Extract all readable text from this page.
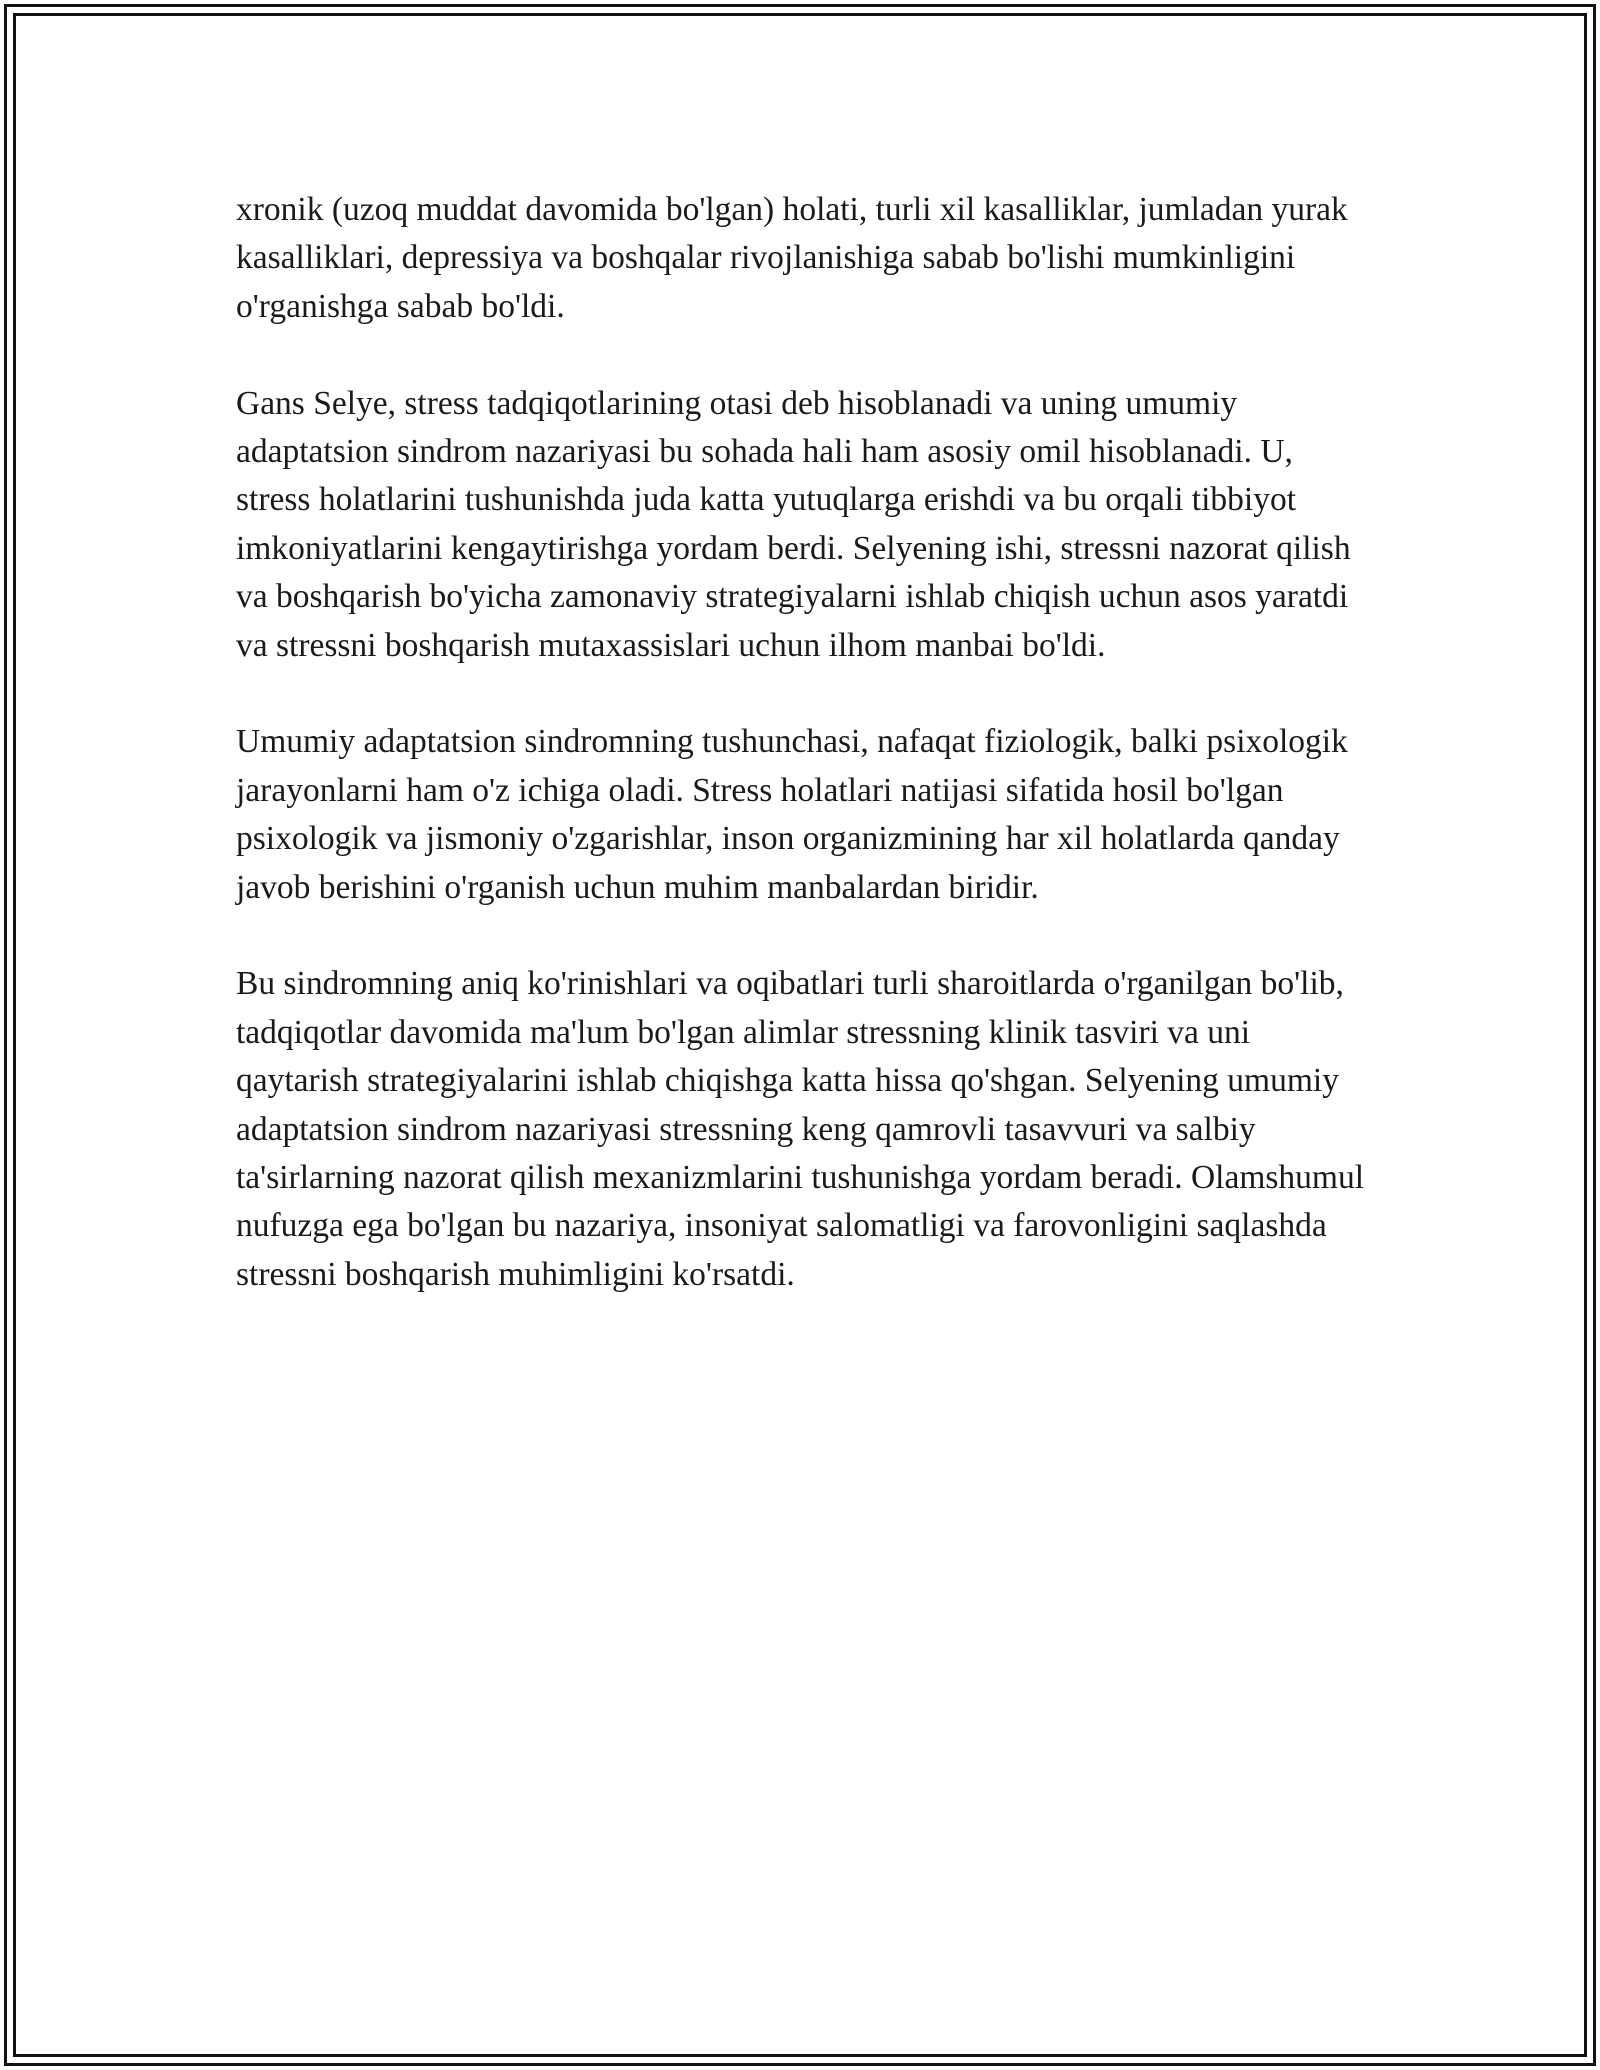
xronik (uzoq muddat davomida bo'lgan) holati, turli xil kasalliklar, jumladan yurak kasalliklari, depressiya va boshqalar rivojlanishiga sabab bo'lishi mumkinligini o'rganishga sabab bo'ldi.

Gans Selye, stress tadqiqotlarining otasi deb hisoblanadi va uning umumiy adaptatsion sindrom nazariyasi bu sohada hali ham asosiy omil hisoblanadi. U, stress holatlarini tushunishda juda katta yutuqlarga erishdi va bu orqali tibbiyot imkoniyatlarini kengaytirishga yordam berdi. Selyening ishi, stressni nazorat qilish va boshqarish bo'yicha zamonaviy strategiyalarni ishlab chiqish uchun asos yaratdi va stressni boshqarish mutaxassislari uchun ilhom manbai bo'ldi.

Umumiy adaptatsion sindromning tushunchasi, nafaqat fiziologik, balki psixologik jarayonlarni ham o'z ichiga oladi. Stress holatlari natijasi sifatida hosil bo'lgan psixologik va jismoniy o'zgarishlar, inson organizmining har xil holatlarda qanday javob berishini o'rganish uchun muhim manbalardan biridir.

Bu sindromning aniq ko'rinishlari va oqibatlari turli sharoitlarda o'rganilgan bo'lib, tadqiqotlar davomida ma'lum bo'lgan alimlar stressning klinik tasviri va uni qaytarish strategiyalarini ishlab chiqishga katta hissa qo'shgan. Selyening umumiy adaptatsion sindrom nazariyasi stressning keng qamrovli tasavvuri va salbiy ta'sirlarning nazorat qilish mexanizmlarini tushunishga yordam beradi. Olamshumul nufuzga ega bo'lgan bu nazariya, insoniyat salomatligi va farovonligini saqlashda stressni boshqarish muhimligini ko'rsatdi.
